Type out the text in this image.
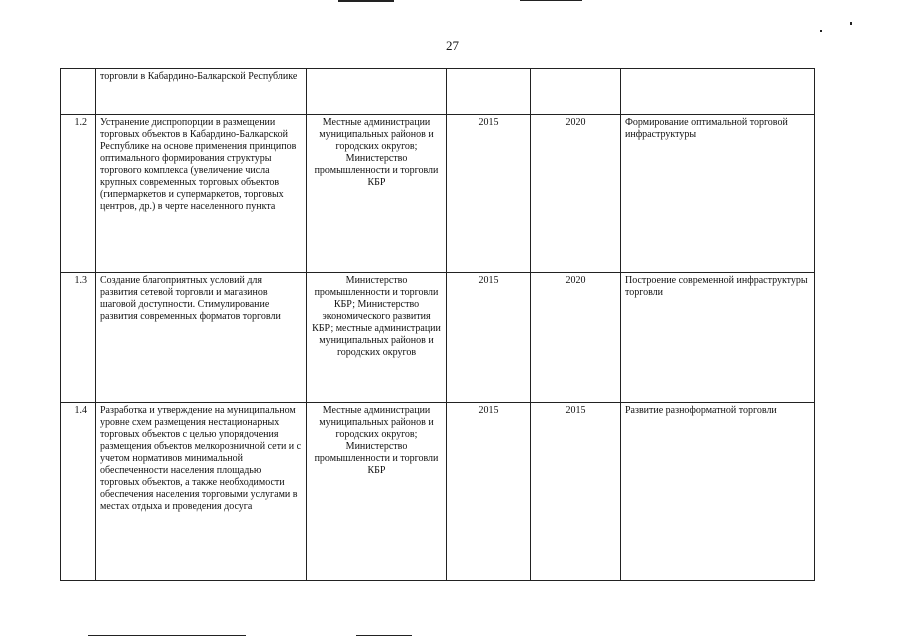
27
	торговли в Кабардино-Балкарской Республике				
1.2	Устранение диспропорции в размещении торговых объектов в Кабардино-Балкарской Республике на основе применения принципов оптимального формирования структуры торгового комплекса (увеличение числа крупных современных торговых объектов (гипермаркетов и супермаркетов, торговых центров, др.) в черте населенного пункта	Местные администрации муниципальных районов и городских округов; Министерство промышленности и торговли КБР	2015	2020	Формирование оптимальной торговой инфраструктуры
1.3	Создание благоприятных условий для развития сетевой торговли и магазинов шаговой доступности. Стимулирование развития современных форматов торговли	Министерство промышленности и торговли КБР; Министерство экономического развития КБР; местные администрации муниципальных районов и городских округов	2015	2020	Построение современной инфраструктуры торговли
1.4	Разработка и утверждение на муниципальном уровне схем размещения нестационарных торговых объектов с целью упорядочения размещения объектов мелкорозничной сети и с учетом нормативов минимальной обеспеченности населения площадью торговых объектов, а также необходимости обеспечения населения торговыми услугами в местах отдыха и проведения досуга	Местные администрации муниципальных районов и городских округов; Министерство промышленности и торговли КБР	2015	2015	Развитие разноформатной торговли
